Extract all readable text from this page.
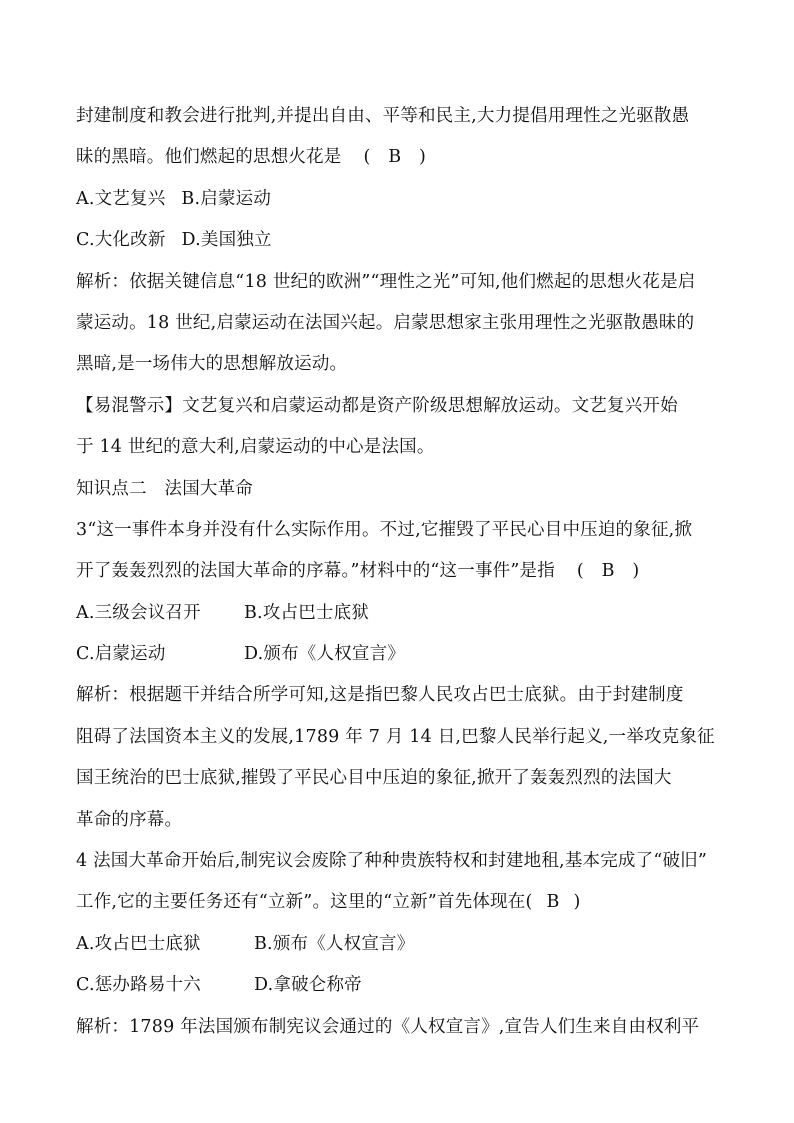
封建制度和教会进行批判,并提出自由、平等和民主,大力提倡用理性之光驱散愚
昧的黑暗。他们燃起的思想火花是 (　B　)
A.文艺复兴 B.启蒙运动
C.大化改新 D.美国独立
解析：依据关键信息“18 世纪的欧洲”“理性之光”可知,他们燃起的思想火花是启
蒙运动。18 世纪,启蒙运动在法国兴起。启蒙思想家主张用理性之光驱散愚昧的
黑暗,是一场伟大的思想解放运动。
【易混警示】文艺复兴和启蒙运动都是资产阶级思想解放运动。文艺复兴开始
于 14 世纪的意大利,启蒙运动的中心是法国。
知识点二　法国大革命
3“这一事件本身并没有什么实际作用。不过,它摧毁了平民心目中压迫的象征,掀
开了轰轰烈烈的法国大革命的序幕。”材料中的“这一事件”是指 (　B　)
A.三级会议召开 B.攻占巴士底狱
C.启蒙运动	D.颁布《人权宣言》
解析：根据题干并结合所学可知,这是指巴黎人民攻占巴士底狱。由于封建制度
阻碍了法国资本主义的发展,1789 年 7 月 14 日,巴黎人民举行起义,一举攻克象征
国王统治的巴士底狱,摧毁了平民心目中压迫的象征,掀开了轰轰烈烈的法国大
革命的序幕。
4 法国大革命开始后,制宪议会废除了种种贵族特权和封建地租,基本完成了“破旧”
工作,它的主要任务还有“立新”。这里的“立新”首先体现在( B )
A.攻占巴士底狱	B.颁布《人权宣言》
C.惩办路易十六	D.拿破仑称帝
解析：1789 年法国颁布制宪议会通过的《人权宣言》,宣告人们生来自由权利平
